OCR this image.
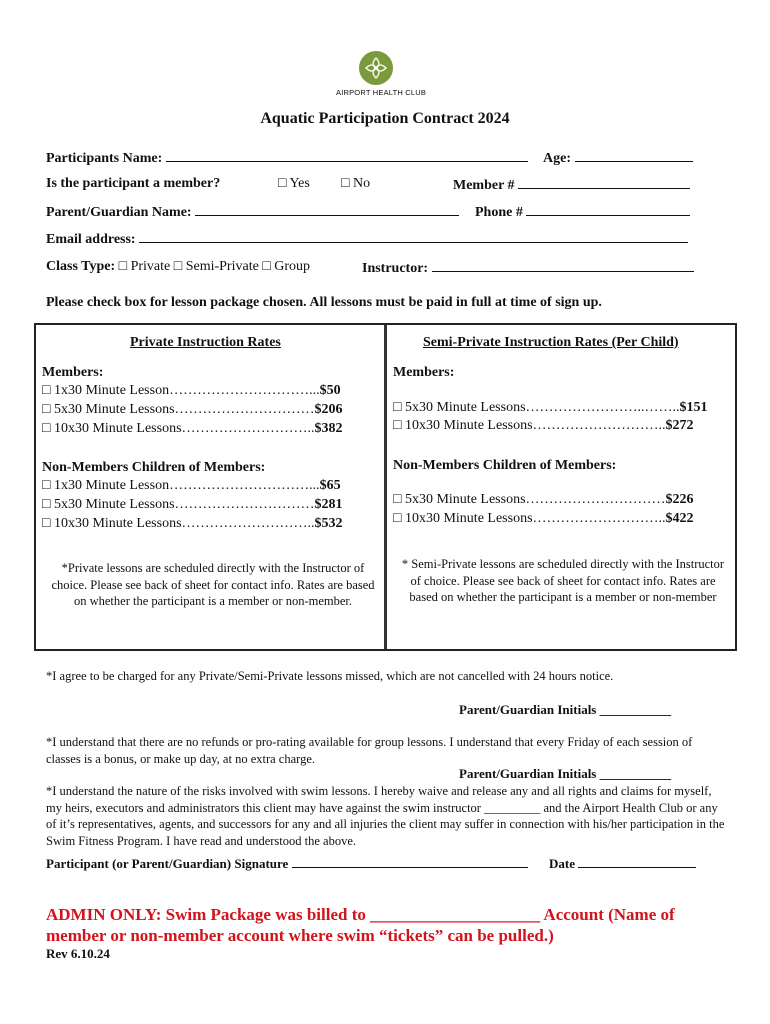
AIRPORT HEALTH CLUB
Aquatic Participation Contract 2024
Participants Name:	Age:
Is the participant a member?	□ Yes □ No	Member #
Parent/Guardian Name:	Phone #
Email address:
Class Type: □ Private □ Semi-Private □ Group	Instructor:
Please check box for lesson package chosen. All lessons must be paid in full at time of sign up.
Private Instruction Rates
Members:
□ 1x30 Minute Lesson…………………………...$50
□ 5x30 Minute Lessons…………………………$206
□ 10x30 Minute Lessons………………………..$382
Non-Members Children of Members:
□ 1x30 Minute Lesson…………………………...$65
□ 5x30 Minute Lessons…………………………$281
□ 10x30 Minute Lessons………………………..$532
*Private lessons are scheduled directly with the Instructor of choice. Please see back of sheet for contact info. Rates are based on whether the participant is a member or non-member.
Semi-Private Instruction Rates (Per Child)
Members:
□ 5x30 Minute Lessons……………………..……..$151
□ 10x30 Minute Lessons………………………..$272
Non-Members Children of Members:
□ 5x30 Minute Lessons…………………………$226
□ 10x30 Minute Lessons………………………..$422
* Semi-Private lessons are scheduled directly with the Instructor of choice. Please see back of sheet for contact info. Rates are based on whether the participant is a member or non-member
*I agree to be charged for any Private/Semi-Private lessons missed, which are not cancelled with 24 hours notice.
Parent/Guardian Initials ___________
*I understand that there are no refunds or pro-rating available for group lessons. I understand that every Friday of each session of classes is a bonus, or make up day, at no extra charge.
Parent/Guardian Initials ___________
*I understand the nature of the risks involved with swim lessons. I hereby waive and release any and all rights and claims for myself, my heirs, executors and administrators this client may have against the swim instructor _________ and the Airport Health Club or any of it’s representatives, agents, and successors for any and all injuries the client may suffer in connection with his/her participation in the Swim Fitness Program. I have read and understood the above.
Participant (or Parent/Guardian) Signature	Date
ADMIN ONLY: Swim Package was billed to ____________________ Account (Name of member or non-member account where swim “tickets” can be pulled.)
Rev 6.10.24
